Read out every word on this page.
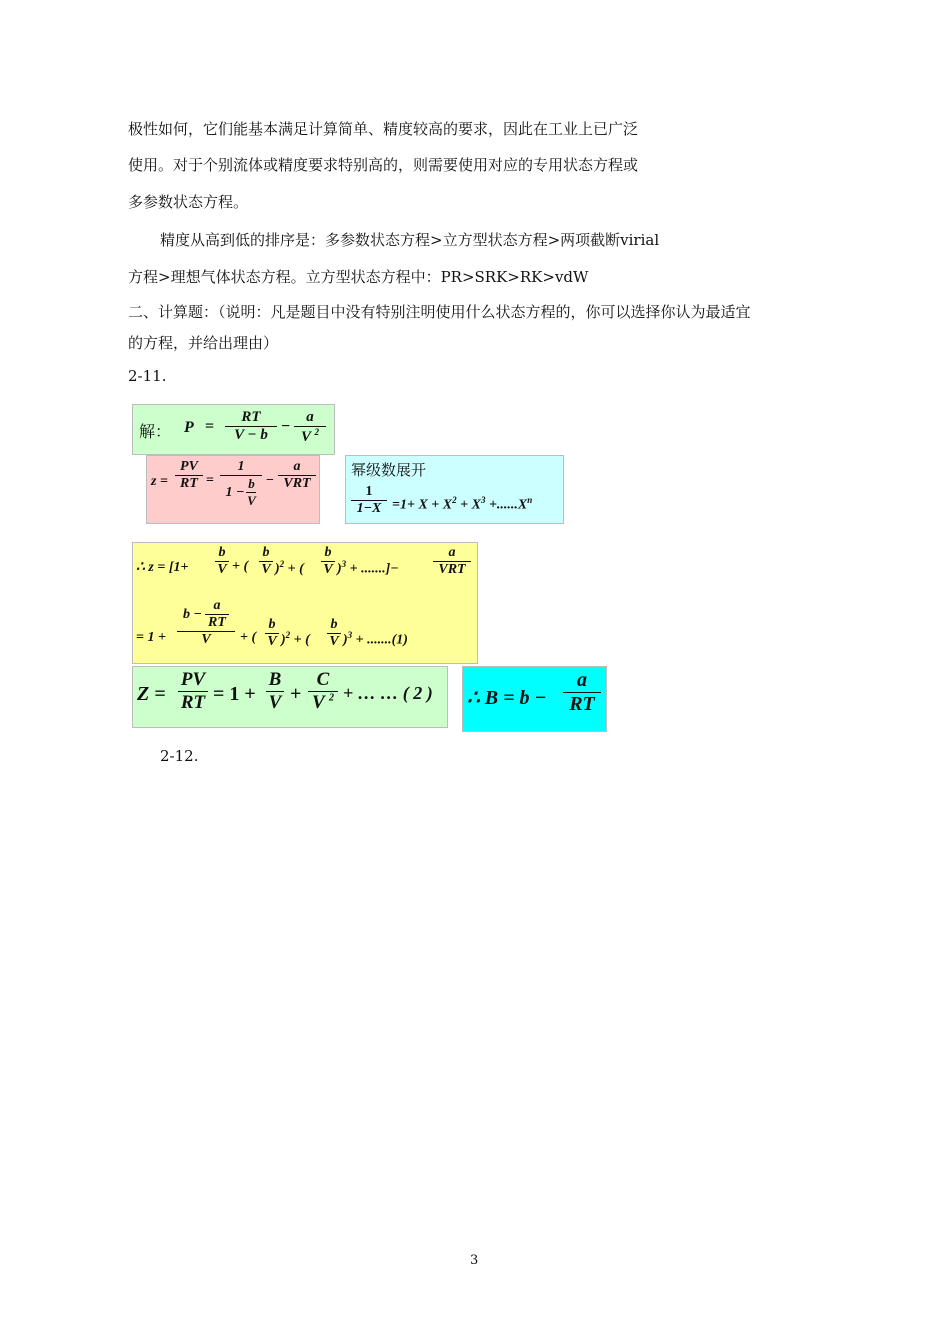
极性如何，它们能基本满足计算简单、精度较高的要求，因此在工业上已广泛
使用。对于个别流体或精度要求特别高的，则需要使用对应的专用状态方程或
多参数状态方程。
精度从高到低的排序是：多参数状态方程>立方型状态方程>两项截断virial
方程>理想气体状态方程。立方型状态方程中：PR>SRK>RK>vdW
二、计算题：（说明：凡是题目中没有特别注明使用什么状态方程的，你可以选择你认为最适宜
的方程，并给出理由）
2-11.
解： P =
RT
V − b −
a
V $^2$
z =
PV
RT =
1
1 −
b
V
−
a
VRT
幂级数展开
1
$1-X =1+ X + X^2 + X^3 +......X^n$
∴ z = [1+
b
V + (
b
V )$^2$ + (
b
V )$^3$ + .......]−
a
VRT
= 1 +
b −
a
RT
V + (
b
V )$^2$ + (
b
V )$^3$ + .......(1)
Z =
PV
RT = 1 +
B
V +
C
V $^2$ + … … ( 2 ) ∴ B = b −
a
RT
2-12.
3
